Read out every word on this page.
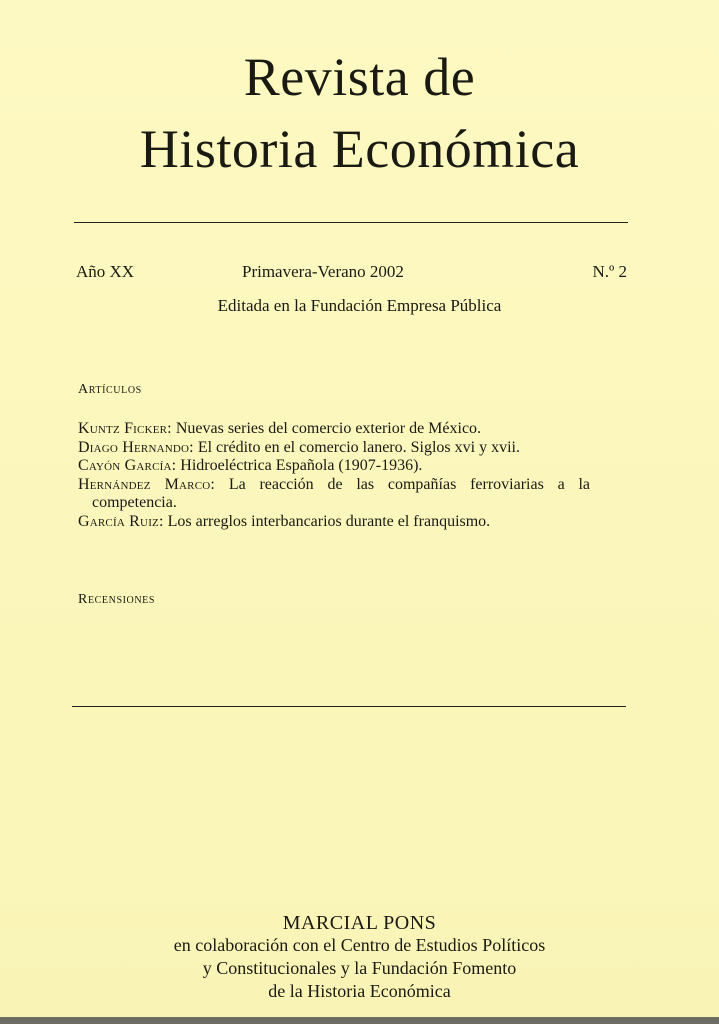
Revista de
Historia Económica
Año XX	Primavera-Verano 2002	N.º 2
Editada en la Fundación Empresa Pública
Artículos

Kuntz Ficker: Nuevas series del comercio exterior de México.

Diago Hernando: El crédito en el comercio lanero. Siglos xvi y xvii.

Cayón García: Hidroeléctrica Española (1907-1936).

Hernández Marco: La reacción de las compañías ferroviarias a la competencia.

García Ruiz: Los arreglos interbancarios durante el franquismo.

Recensiones
MARCIAL PONS
en colaboración con el Centro de Estudios Políticos
y Constitucionales y la Fundación Fomento
de la Historia Económica
